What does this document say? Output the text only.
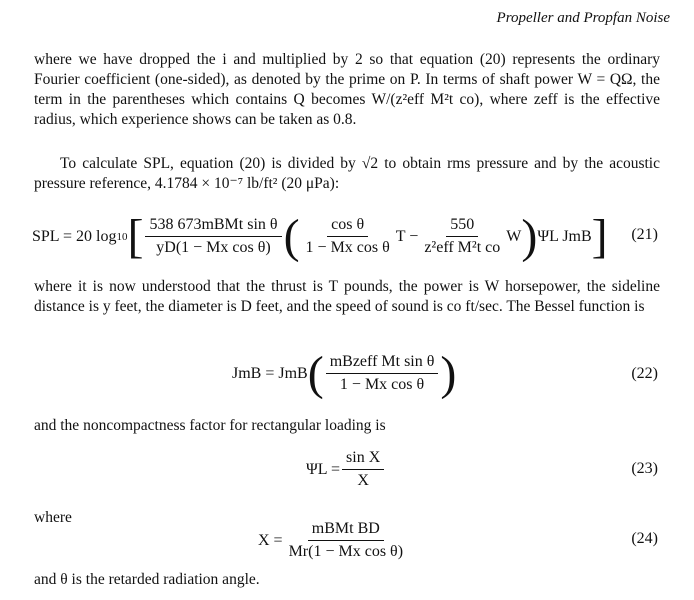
Propeller and Propfan Noise
where we have dropped the i and multiplied by 2 so that equation (20) represents the ordinary Fourier coefficient (one-sided), as denoted by the prime on P. In terms of shaft power W = QΩ, the term in the parentheses which contains Q becomes W/(z²eff M²t co), where zeff is the effective radius, which experience shows can be taken as 0.8.
To calculate SPL, equation (20) is divided by √2 to obtain rms pressure and by the acoustic pressure reference, 4.1784 × 10⁻⁷ lb/ft² (20 μPa):
SPL = 20 log 10 [ $\frac{\text{538 673mBMt sin θ}}{\text{yD(1 − Mx cos θ)}}$ ( $\frac{\text{cos θ}}{\text{1 − Mx cos θ}}$ $T - \frac{550}{\text{z²eff M²t co}}$ W ) ΨL JmB ] (21)
where it is now understood that the thrust is T pounds, the power is W horsepower, the sideline distance is y feet, the diameter is D feet, and the speed of sound is co ft/sec. The Bessel function is
JmB = JmB ( $\frac{\text{mBzeff Mt sin θ}}{\text{1 − Mx cos θ}}$ )	(22)
and the noncompactness factor for rectangular loading is
$\Psi L = \frac{\text{sin X}}{X}$	(23)
where
$X = \frac{\text{mBMt BD}}{\text{Mr(1 − Mx cos θ)}}$	(24)
and θ is the retarded radiation angle.
